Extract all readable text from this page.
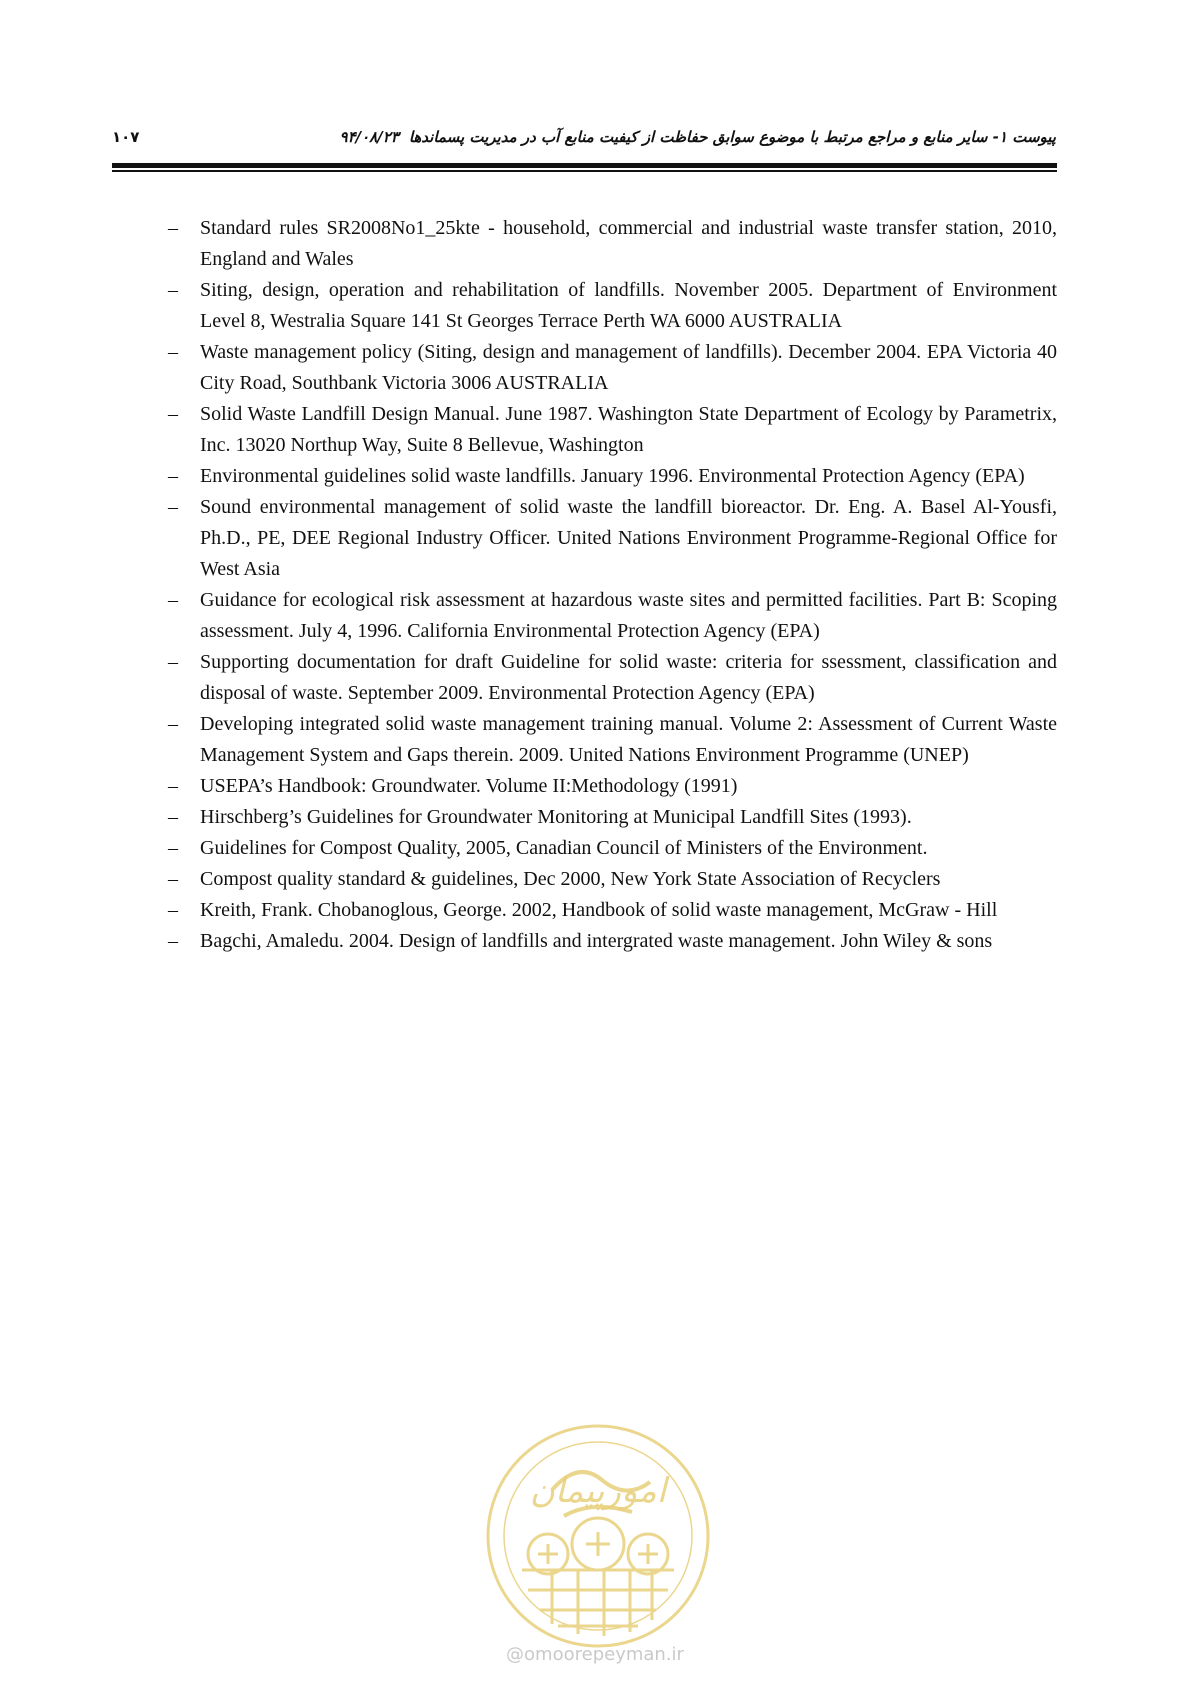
پیوست ۱- سایر منابع و مراجع مرتبط با موضوع سوابق حفاظت از کیفیت منابع آب در مدیریت پسماندها۹۴/۰۸/۲۳
۱۰۷
– Standard rules SR2008No1_25kte - household, commercial and industrial waste transfer station, 2010, England and Wales
– Siting, design, operation and rehabilitation of landfills. November 2005. Department of Environment Level 8, Westralia Square 141 St Georges Terrace Perth WA 6000 AUSTRALIA
– Waste management policy (Siting, design and management of landfills). December 2004. EPA Victoria 40 City Road, Southbank Victoria 3006 AUSTRALIA
– Solid Waste Landfill Design Manual. June 1987. Washington State Department of Ecology by Parametrix, Inc. 13020 Northup Way, Suite 8 Bellevue, Washington
– Environmental guidelines solid waste landfills. January 1996. Environmental Protection Agency (EPA)
– Sound environmental management of solid waste the landfill bioreactor. Dr. Eng. A. Basel Al-Yousfi, Ph.D., PE, DEE Regional Industry Officer. United Nations Environment Programme-Regional Office for West Asia
– Guidance for ecological risk assessment at hazardous waste sites and permitted facilities. Part B: Scoping assessment. July 4, 1996. California Environmental Protection Agency (EPA)
– Supporting documentation for draft Guideline for solid waste: criteria for ssessment, classification and disposal of waste. September 2009. Environmental Protection Agency (EPA)
– Developing integrated solid waste management training manual. Volume 2: Assessment of Current Waste Management System and Gaps therein. 2009. United Nations Environment Programme (UNEP)
– USEPA’s Handbook: Groundwater. Volume II:Methodology (1991)
– Hirschberg’s Guidelines for Groundwater Monitoring at Municipal Landfill Sites (1993).
– Guidelines for Compost Quality, 2005, Canadian Council of Ministers of the Environment.
– Compost quality standard & guidelines, Dec 2000, New York State Association of Recyclers
– Kreith, Frank. Chobanoglous, George. 2002, Handbook of solid waste management, McGraw - Hill
– Bagchi, Amaledu. 2004. Design of landfills and intergrated waste management. John Wiley & sons
امورپیمان
@omoorepeyman.ir
